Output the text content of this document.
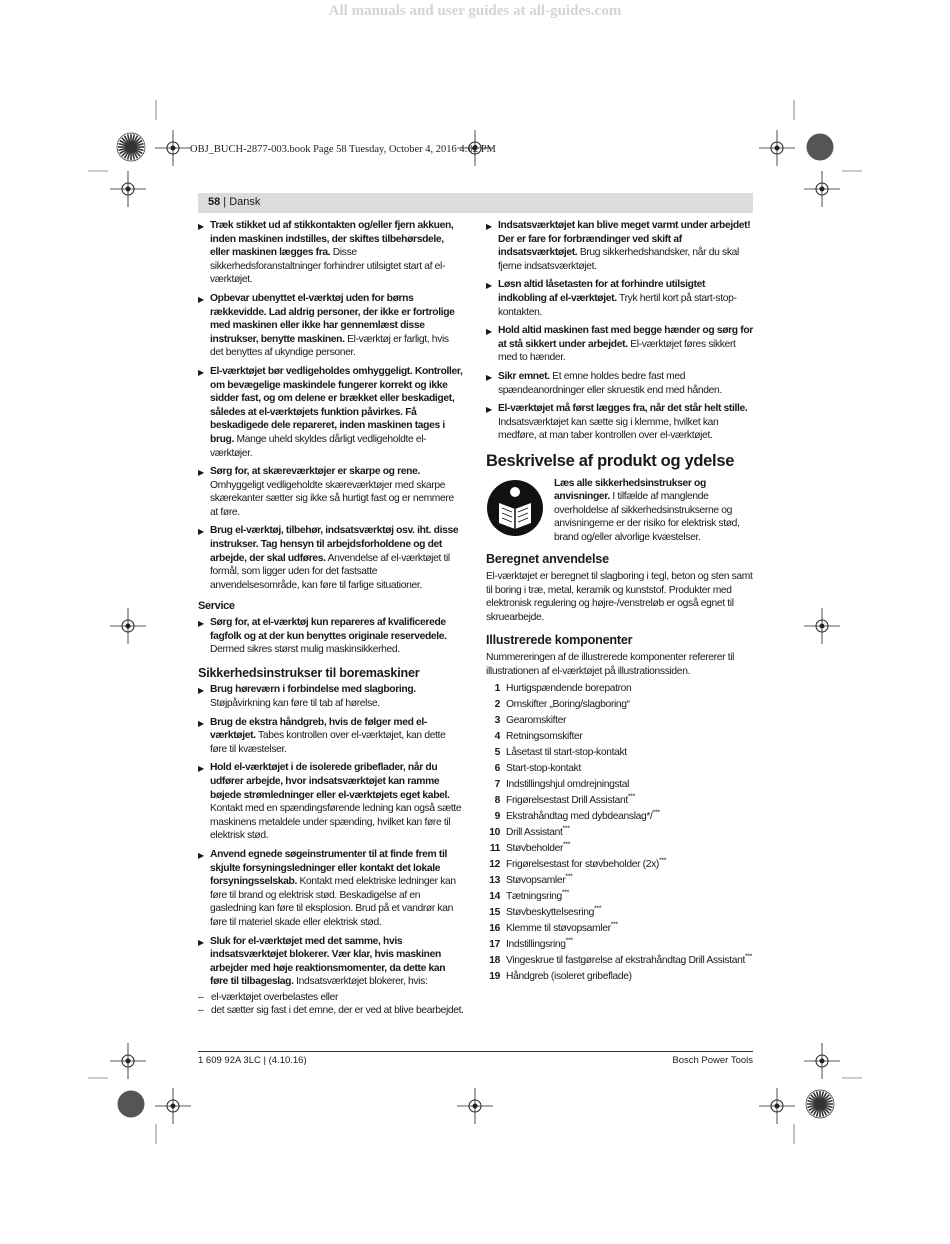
All manuals and user guides at all-guides.com
OBJ_BUCH-2877-003.book Page 58 Tuesday, October 4, 2016 4:02 PM
58 | Dansk
▶ Træk stikket ud af stikkontakten og/eller fjern akkuen, inden maskinen indstilles, der skiftes tilbehørsdele, eller maskinen lægges fra. Disse sikkerhedsforanstaltninger forhindrer utilsigtet start af el-værktøjet.
▶ Opbevar ubenyttet el-værktøj uden for børns rækkevidde. Lad aldrig personer, der ikke er fortrolige med maskinen eller ikke har gennemlæst disse instrukser, benytte maskinen. El-værktøj er farligt, hvis det benyttes af ukyndige personer.
▶ El-værktøjet bør vedligeholdes omhyggeligt. Kontroller, om bevægelige maskindele fungerer korrekt og ikke sidder fast, og om delene er brækket eller beskadiget, således at el-værktøjets funktion påvirkes. Få beskadigede dele repareret, inden maskinen tages i brug. Mange uheld skyldes dårligt vedligeholdte el-værktøjer.
▶ Sørg for, at skæreværktøjer er skarpe og rene. Omhyggeligt vedligeholdte skæreværktøjer med skarpe skærekanter sætter sig ikke så hurtigt fast og er nemmere at føre.
▶ Brug el-værktøj, tilbehør, indsatsværktøj osv. iht. disse instrukser. Tag hensyn til arbejdsforholdene og det arbejde, der skal udføres. Anvendelse af el-værktøjet til formål, som ligger uden for det fastsatte anvendelsesområde, kan føre til farlige situationer.
Service
▶ Sørg for, at el-værktøj kun repareres af kvalificerede fagfolk og at der kun benyttes originale reservedele. Dermed sikres størst mulig maskinsikkerhed.
Sikkerhedsinstrukser til boremaskiner
▶ Brug høreværn i forbindelse med slagboring. Støjpåvirkning kan føre til tab af hørelse.
▶ Brug de ekstra håndgreb, hvis de følger med el-værktøjet. Tabes kontrollen over el-værktøjet, kan dette føre til kvæstelser.
▶ Hold el-værktøjet i de isolerede gribeflader, når du udfører arbejde, hvor indsatsværktøjet kan ramme bøjede strømledninger eller el-værktøjets eget kabel. Kontakt med en spændingsførende ledning kan også sætte maskinens metaldele under spænding, hvilket kan føre til elektrisk stød.
▶ Anvend egnede søgeinstrumenter til at finde frem til skjulte forsyningsledninger eller kontakt det lokale forsyningsselskab. Kontakt med elektriske ledninger kan føre til brand og elektrisk stød. Beskadigelse af en gasledning kan føre til eksplosion. Brud på et vandrør kan føre til materiel skade eller elektrisk stød.
▶ Sluk for el-værktøjet med det samme, hvis indsatsværktøjet blokerer. Vær klar, hvis maskinen arbejder med høje reaktionsmomenter, da dette kan føre til tilbageslag. Indsatsværktøjet blokerer, hvis:
– el-værktøjet overbelastes eller
– det sætter sig fast i det emne, der er ved at blive bearbejdet.
▶ Indsatsværktøjet kan blive meget varmt under arbejdet! Der er fare for forbrændinger ved skift af indsatsværktøjet. Brug sikkerhedshandsker, når du skal fjerne indsatsværktøjet.
▶ Løsn altid låsetasten for at forhindre utilsigtet indkobling af el-værktøjet. Tryk hertil kort på start-stop-kontakten.
▶ Hold altid maskinen fast med begge hænder og sørg for at stå sikkert under arbejdet. El-værktøjet føres sikkert med to hænder.
▶ Sikr emnet. Et emne holdes bedre fast med spændeanordninger eller skruestik end med hånden.
▶ El-værktøjet må først lægges fra, når det står helt stille. Indsatsværktøjet kan sætte sig i klemme, hvilket kan medføre, at man taber kontrollen over el-værktøjet.
Beskrivelse af produkt og ydelse
Læs alle sikkerhedsinstrukser og anvisninger. I tilfælde af manglende overholdelse af sikkerhedsinstrukserne og anvisningerne er der risiko for elektrisk stød, brand og/eller alvorlige kvæstelser.
Beregnet anvendelse
El-værktøjet er beregnet til slagboring i tegl, beton og sten samt til boring i træ, metal, keramik og kunststof. Produkter med elektronisk regulering og højre-/venstreløb er også egnet til skruearbejde.
Illustrerede komponenter
Nummereringen af de illustrerede komponenter refererer til illustrationen af el-værktøjet på illustrationssiden.
1 Hurtigspændende borepatron
2 Omskifter „Boring/slagboring“
3 Gearomskifter
4 Retningsomskifter
5 Låsetast til start-stop-kontakt
6 Start-stop-kontakt
7 Indstillingshjul omdrejningstal
8 Frigørelsestast Drill Assistant***
9 Ekstrahåndtag med dybdeanslag*/***
10 Drill Assistant***
11 Støvbeholder***
12 Frigørelsestast for støvbeholder (2x)***
13 Støvopsamler***
14 Tætningsring***
15 Støvbeskyttelsesring***
16 Klemme til støvopsamler***
17 Indstillingsring***
18 Vingeskrue til fastgørelse af ekstrahåndtag Drill Assistant***
19 Håndgreb (isoleret gribeflade)
1 609 92A 3LC | (4.10.16)	Bosch Power Tools
